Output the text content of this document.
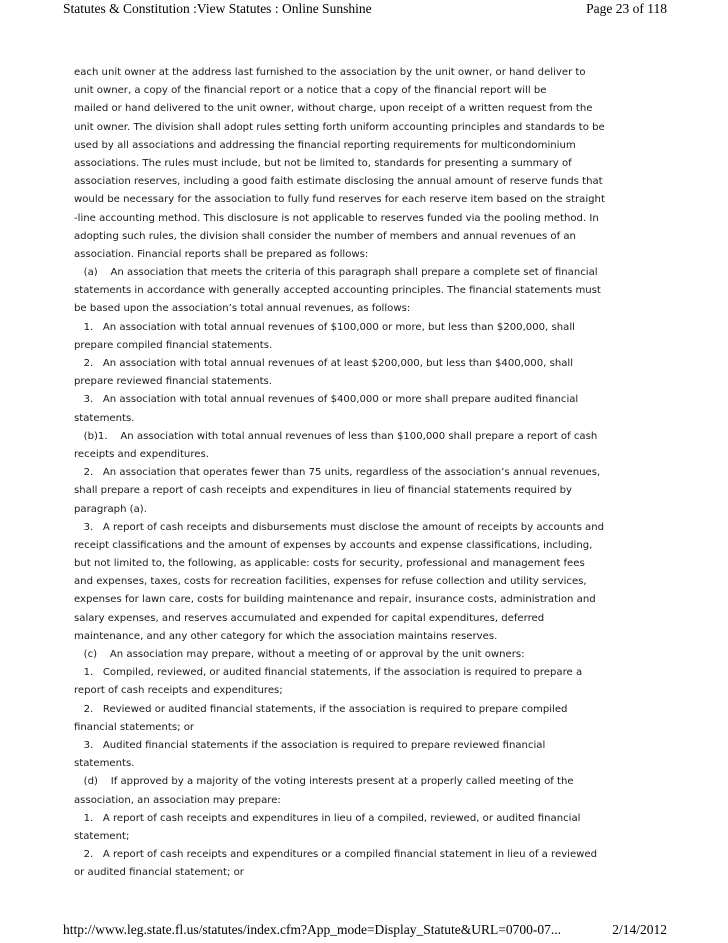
Statutes & Constitution :View Statutes : Online Sunshine	Page 23 of 118
each unit owner at the address last furnished to the association by the unit owner, or hand deliver to
unit owner, a copy of the financial report or a notice that a copy of the financial report will be
mailed or hand delivered to the unit owner, without charge, upon receipt of a written request from the
unit owner. The division shall adopt rules setting forth uniform accounting principles and standards to be
used by all associations and addressing the financial reporting requirements for multicondominium
associations. The rules must include, but not be limited to, standards for presenting a summary of
association reserves, including a good faith estimate disclosing the annual amount of reserve funds that
would be necessary for the association to fully fund reserves for each reserve item based on the straight
-line accounting method. This disclosure is not applicable to reserves funded via the pooling method. In
adopting such rules, the division shall consider the number of members and annual revenues of an
association. Financial reports shall be prepared as follows:
(a)    An association that meets the criteria of this paragraph shall prepare a complete set of financial
statements in accordance with generally accepted accounting principles. The financial statements must
be based upon the association’s total annual revenues, as follows:
1.   An association with total annual revenues of $100,000 or more, but less than $200,000, shall
prepare compiled financial statements.
2.   An association with total annual revenues of at least $200,000, but less than $400,000, shall
prepare reviewed financial statements.
3.   An association with total annual revenues of $400,000 or more shall prepare audited financial
statements.
(b)1.    An association with total annual revenues of less than $100,000 shall prepare a report of cash
receipts and expenditures.
2.   An association that operates fewer than 75 units, regardless of the association’s annual revenues,
shall prepare a report of cash receipts and expenditures in lieu of financial statements required by
paragraph (a).
3.   A report of cash receipts and disbursements must disclose the amount of receipts by accounts and
receipt classifications and the amount of expenses by accounts and expense classifications, including,
but not limited to, the following, as applicable: costs for security, professional and management fees
and expenses, taxes, costs for recreation facilities, expenses for refuse collection and utility services,
expenses for lawn care, costs for building maintenance and repair, insurance costs, administration and
salary expenses, and reserves accumulated and expended for capital expenditures, deferred
maintenance, and any other category for which the association maintains reserves.
(c)    An association may prepare, without a meeting of or approval by the unit owners:
1.   Compiled, reviewed, or audited financial statements, if the association is required to prepare a
report of cash receipts and expenditures;
2.   Reviewed or audited financial statements, if the association is required to prepare compiled
financial statements; or
3.   Audited financial statements if the association is required to prepare reviewed financial
statements.
(d)    If approved by a majority of the voting interests present at a properly called meeting of the
association, an association may prepare:
1.   A report of cash receipts and expenditures in lieu of a compiled, reviewed, or audited financial
statement;
2.   A report of cash receipts and expenditures or a compiled financial statement in lieu of a reviewed
or audited financial statement; or
http://www.leg.state.fl.us/statutes/index.cfm?App_mode=Display_Statute&URL=0700-07...	2/14/2012
